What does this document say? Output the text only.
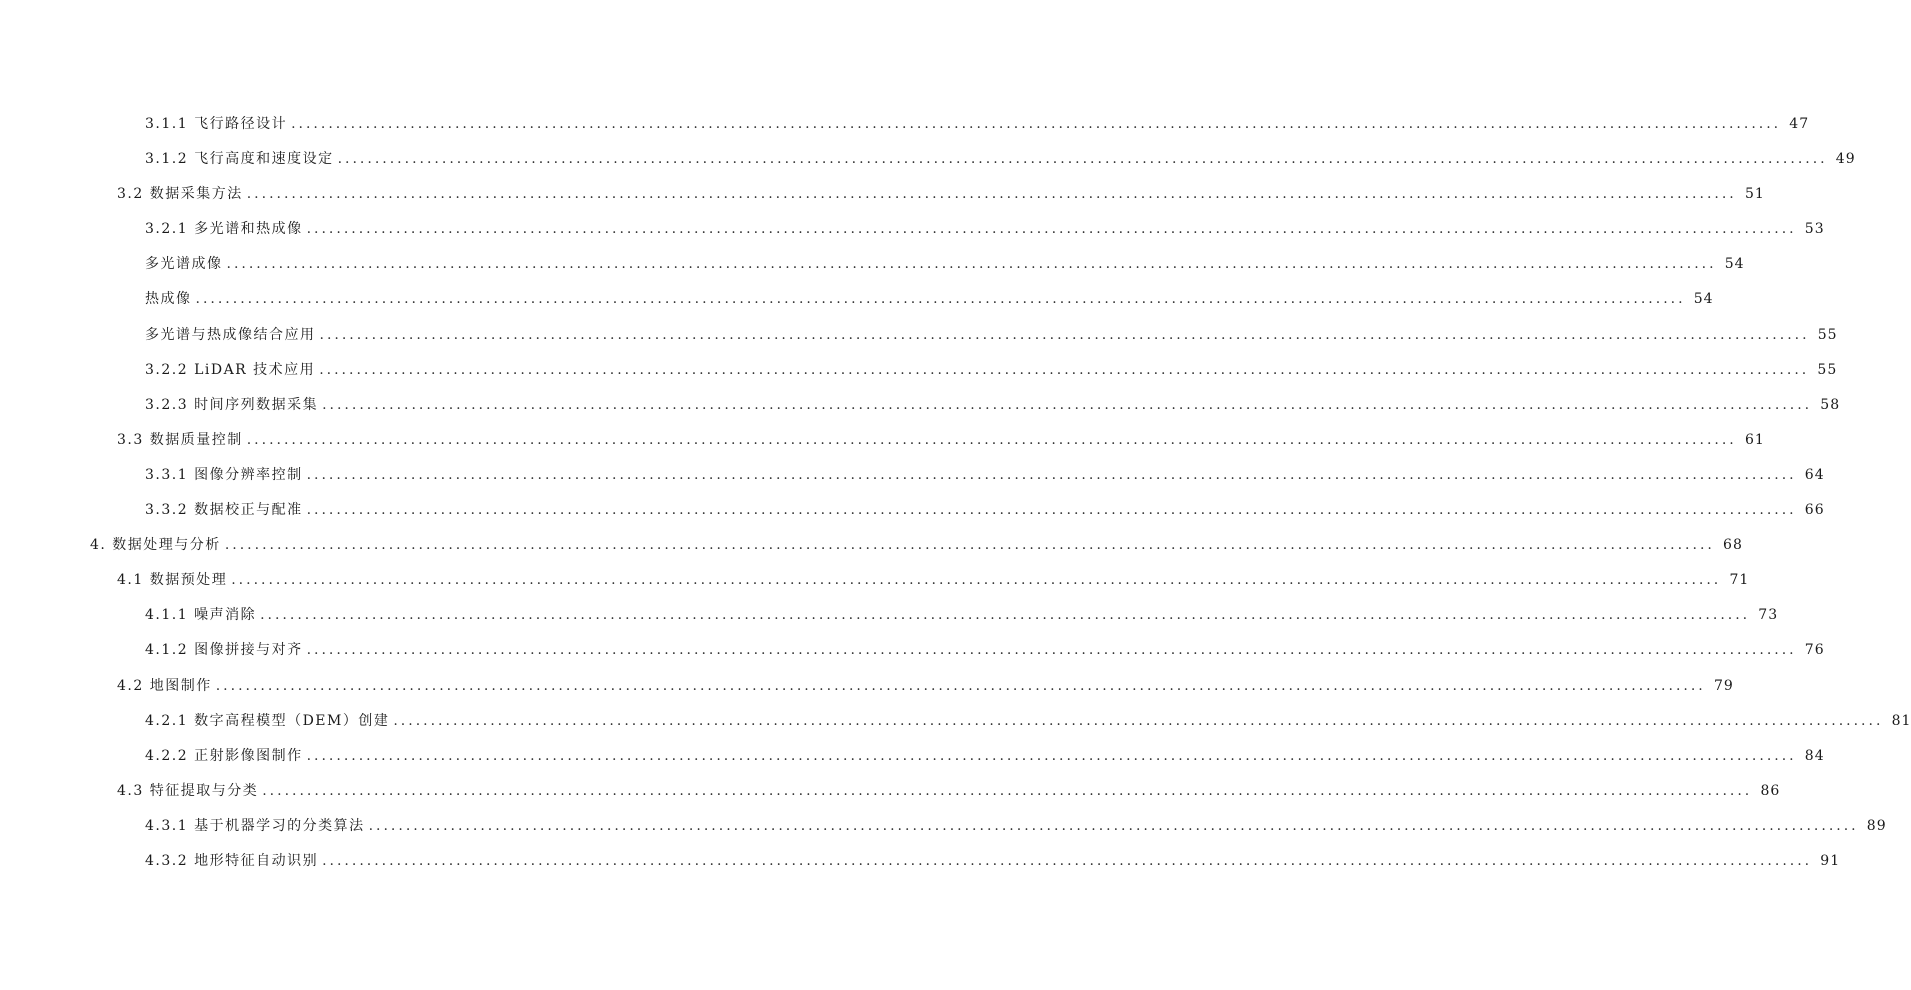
3.1.1 飞行路径设计 ........................................................................................................................................................................................................ 47
3.1.2 飞行高度和速度设定 ........................................................................................................................................................................................................ 49
3.2 数据采集方法 ........................................................................................................................................................................................................ 51
3.2.1 多光谱和热成像 ........................................................................................................................................................................................................ 53
多光谱成像 ........................................................................................................................................................................................................ 54
热成像 ........................................................................................................................................................................................................ 54
多光谱与热成像结合应用 ........................................................................................................................................................................................................ 55
3.2.2 LiDAR 技术应用 ........................................................................................................................................................................................................ 55
3.2.3 时间序列数据采集 ........................................................................................................................................................................................................ 58
3.3 数据质量控制 ........................................................................................................................................................................................................ 61
3.3.1 图像分辨率控制 ........................................................................................................................................................................................................ 64
3.3.2 数据校正与配准 ........................................................................................................................................................................................................ 66
4. 数据处理与分析 ........................................................................................................................................................................................................ 68
4.1 数据预处理 ........................................................................................................................................................................................................ 71
4.1.1 噪声消除 ........................................................................................................................................................................................................ 73
4.1.2 图像拼接与对齐 ........................................................................................................................................................................................................ 76
4.2 地图制作 ........................................................................................................................................................................................................ 79
4.2.1 数字高程模型（DEM）创建 ........................................................................................................................................................................................................ 81
4.2.2 正射影像图制作 ........................................................................................................................................................................................................ 84
4.3 特征提取与分类 ........................................................................................................................................................................................................ 86
4.3.1 基于机器学习的分类算法 ........................................................................................................................................................................................................ 89
4.3.2 地形特征自动识别 ........................................................................................................................................................................................................ 91
